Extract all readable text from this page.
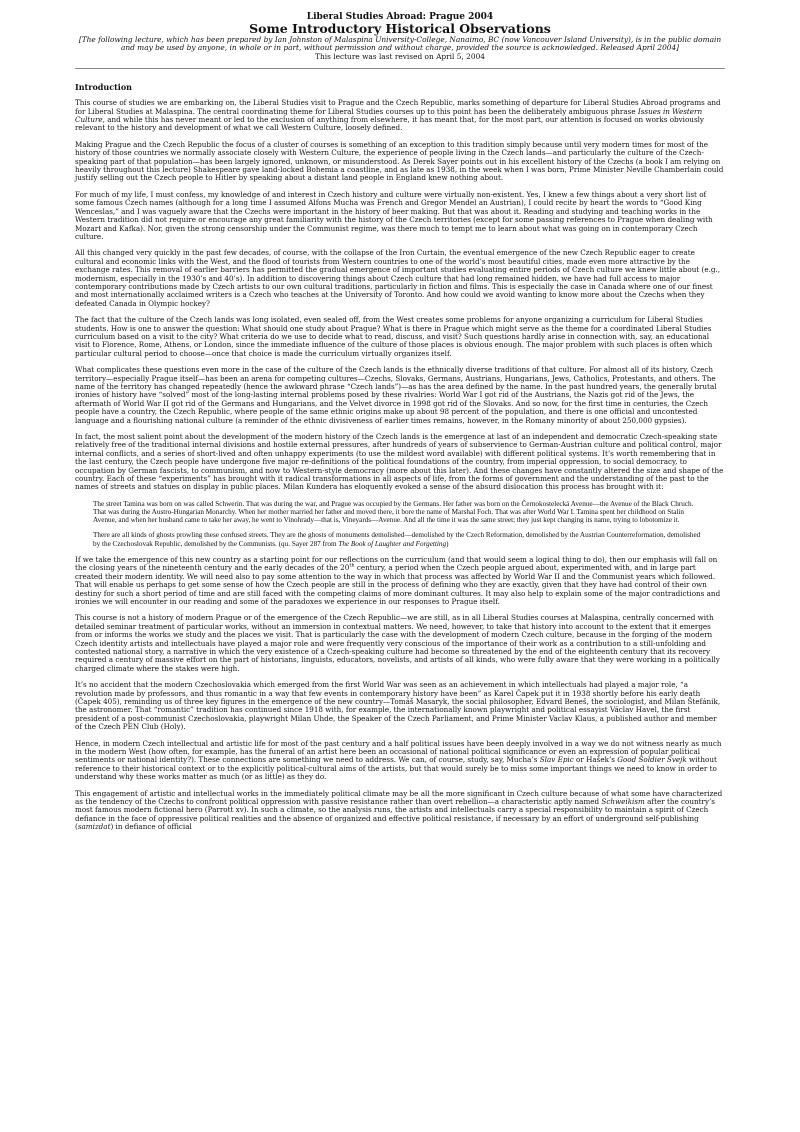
Liberal Studies Abroad: Prague 2004
Some Introductory Historical Observations
[The following lecture, which has been prepared by Ian Johnston of Malaspina University-College, Nanaimo, BC (now Vancouver Island University), is in the public domain and may be used by anyone, in whole or in part, without permission and without charge, provided the source is acknowledged. Released April 2004]
This lecture was last revised on April 5, 2004
Introduction

This course of studies we are embarking on, the Liberal Studies visit to Prague and the Czech Republic, marks something of departure for Liberal Studies Abroad programs and for Liberal Studies at Malaspina. The central coordinating theme for Liberal Studies courses up to this point has been the deliberately ambiguous phrase Issues in Western Culture, and while this has never meant or led to the exclusion of anything from elsewhere, it has meant that, for the most part, our attention is focused on works obviously relevant to the history and development of what we call Western Culture, loosely defined.

Making Prague and the Czech Republic the focus of a cluster of courses is something of an exception to this tradition simply because until very modern times for most of the history of those countries we normally associate closely with Western Culture, the experience of people living in the Czech lands—and particularly the culture of the Czech-speaking part of that population—has been largely ignored, unknown, or misunderstood. As Derek Sayer points out in his excellent history of the Czechs (a book I am relying on heavily throughout this lecture) Shakespeare gave land-locked Bohemia a coastline, and as late as 1938, in the week when I was born, Prime Minister Neville Chamberlain could justify selling out the Czech people to Hitler by speaking about a distant land people in England knew nothing about.

For much of my life, I must confess, my knowledge of and interest in Czech history and culture were virtually non-existent. Yes, I knew a few things about a very short list of some famous Czech names (although for a long time I assumed Alfons Mucha was French and Gregor Mendel an Austrian), I could recite by heart the words to “Good King Wenceslas,” and I was vaguely aware that the Czechs were important in the history of beer making. But that was about it. Reading and studying and teaching works in the Western tradition did not require or encourage any great familiarity with the history of the Czech territories (except for some passing references to Prague when dealing with Mozart and Kafka). Nor, given the strong censorship under the Communist regime, was there much to tempt me to learn about what was going on in contemporary Czech culture.

All this changed very quickly in the past few decades, of course, with the collapse of the Iron Curtain, the eventual emergence of the new Czech Republic eager to create cultural and economic links with the West, and the flood of tourists from Western countries to one of the world’s most beautiful cities, made even more attractive by the exchange rates. This removal of earlier barriers has permitted the gradual emergence of important studies evaluating entire periods of Czech culture we knew little about (e.g., modernism, especially in the 1930’s and 40’s). In addition to discovering things about Czech culture that had long remained hidden, we have had full access to major contemporary contributions made by Czech artists to our own cultural traditions, particularly in fiction and films. This is especially the case in Canada where one of our finest and most internationally acclaimed writers is a Czech who teaches at the University of Toronto. And how could we avoid wanting to know more about the Czechs when they defeated Canada in Olympic hockey?

The fact that the culture of the Czech lands was long isolated, even sealed off, from the West creates some problems for anyone organizing a curriculum for Liberal Studies students. How is one to answer the question: What should one study about Prague? What is there in Prague which might serve as the theme for a coordinated Liberal Studies curriculum based on a visit to the city? What criteria do we use to decide what to read, discuss, and visit? Such questions hardly arise in connection with, say, an educational visit to Florence, Rome, Athens, or London, since the immediate influence of the culture of those places is obvious enough. The major problem with such places is often which particular cultural period to choose—once that choice is made the curriculum virtually organizes itself.

What complicates these questions even more in the case of the culture of the Czech lands is the ethnically diverse traditions of that culture. For almost all of its history, Czech territory—especially Prague itself—has been an arena for competing cultures—Czechs, Slovaks, Germans, Austrians, Hungarians, Jews, Catholics, Protestants, and others. The name of the territory has changed repeatedly (hence the awkward phrase “Czech lands”)—as has the area defined by the name. In the past hundred years, the generally brutal ironies of history have “solved” most of the long-lasting internal problems posed by these rivalries: World War I got rid of the Austrians, the Nazis got rid of the Jews, the aftermath of World War II got rid of the Germans and Hungarians, and the Velvet divorce in 1998 got rid of the Slovaks. And so now, for the first time in centuries, the Czech people have a country, the Czech Republic, where people of the same ethnic origins make up about 98 percent of the population, and there is one official and uncontested language and a flourishing national culture (a reminder of the ethnic divisiveness of earlier times remains, however, in the Romany minority of about 250,000 gypsies).

In fact, the most salient point about the development of the modern history of the Czech lands is the emergence at last of an independent and democratic Czech-speaking state relatively free of the traditional internal divisions and hostile external pressures, after hundreds of years of subservience to German-Austrian culture and political control, major internal conflicts, and a series of short-lived and often unhappy experiments (to use the mildest word available) with different political systems. It’s worth remembering that in the last century, the Czech people have undergone five major re-definitions of the political foundations of the country, from imperial oppression, to social democracy, to occupation by German fascists, to communism, and now to Western-style democracy (more about this later). And these changes have constantly altered the size and shape of the country. Each of these “experiments” has brought with it radical transformations in all aspects of life, from the forms of government and the understanding of the past to the names of streets and statues on display in public places. Milan Kundera has eloquently evoked a sense of the absurd dislocation this process has brought with it:

The street Tamina was born on was called Schwerin. That was during the war, and Prague was occupied by the Germans. Her father was born on the Černokostelecká Avenue—the Avenue of the Black Chruch. That was during the Austro-Hungarian Monarchy. When her mother married her father and moved there, it bore the name of Marshal Foch. That was after World War I. Tamina spent her childhood on Stalin Avenue, and when her husband came to take her away, he went to Vinohrady—that is, Vineyards—Avenue. And all the time it was the same street; they just kept changing its name, trying to lobotomize it.

There are all kinds of ghosts prowling these confused streets. They are the ghosts of monuments demolished—demolished by the Czech Reformation, demolished by the Austrian Counterreformation, demolished by the Czechoslovak Republic, demolished by the Communists. (qu. Sayer 287 from The Book of Laughter and Forgetting)

If we take the emergence of this new country as a starting point for our reflections on the curriculum (and that would seem a logical thing to do), then our emphasis will fall on the closing years of the nineteenth century and the early decades of the 20th century, a period when the Czech people argued about, experimented with, and in large part created their modern identity. We will need also to pay some attention to the way in which that process was affected by World War II and the Communist years which followed. That will enable us perhaps to get some sense of how the Czech people are still in the process of defining who they are exactly, given that they have had control of their own destiny for such a short period of time and are still faced with the competing claims of more dominant cultures. It may also help to explain some of the major contradictions and ironies we will encounter in our reading and some of the paradoxes we experience in our responses to Prague itself.

This course is not a history of modern Prague or of the emergence of the Czech Republic—we are still, as in all Liberal Studies courses at Malaspina, centrally concerned with detailed seminar treatment of particular works, without an immersion in contextual matters. We need, however, to take that history into account to the extent that it emerges from or informs the works we study and the places we visit. That is particularly the case with the development of modern Czech culture, because in the forging of the modern Czech identity artists and intellectuals have played a major role and were frequently very conscious of the importance of their work as a contribution to a still-unfolding and contested national story, a narrative in which the very existence of a Czech-speaking culture had become so threatened by the end of the eighteenth century that its recovery required a century of massive effort on the part of historians, linguists, educators, novelists, and artists of all kinds, who were fully aware that they were working in a politically charged climate where the stakes were high.

It’s no accident that the modern Czechoslovakia which emerged from the first World War was seen as an achievement in which intellectuals had played a major role, “a revolution made by professors, and thus romantic in a way that few events in contemporary history have been” as Karel Čapek put it in 1938 shortly before his early death (Čapek 405), reminding us of three key figures in the emergence of the new country—Tomáš Masaryk, the social philosopher, Edvard Beneš, the sociologist, and Milan Štefánik, the astronomer. That “romantic” tradition has continued since 1918 with, for example, the internationally known playwright and political essayist Václav Havel, the first president of a post-communist Czechoslovakia, playwright Milan Uhde, the Speaker of the Czech Parliament, and Prime Minister Vaclav Klaus, a published author and member of the Czech PEN Club (Holy).

Hence, in modern Czech intellectual and artistic life for most of the past century and a half political issues have been deeply involved in a way we do not witness nearly as much in the modern West (how often, for example, has the funeral of an artist here been an occasional of national political significance or even an expression of popular political sentiments or national identity?). These connections are something we need to address. We can, of course, study, say, Mucha’s Slav Epic or Hašek’s Good Soldier Švejk without reference to their historical context or to the explicitly political-cultural aims of the artists, but that would surely be to miss some important things we need to know in order to understand why these works matter as much (or as little) as they do.

This engagement of artistic and intellectual works in the immediately political climate may be all the more significant in Czech culture because of what some have characterized as the tendency of the Czechs to confront political oppression with passive resistance rather than overt rebellion—a characteristic aptly named Schweikism after the country’s most famous modern fictional hero (Parrott xv). In such a climate, so the analysis runs, the artists and intellectuals carry a special responsibility to maintain a spirit of Czech defiance in the face of oppressive political realities and the absence of organized and effective political resistance, if necessary by an effort of underground self-publishing (samizdat) in defiance of official
